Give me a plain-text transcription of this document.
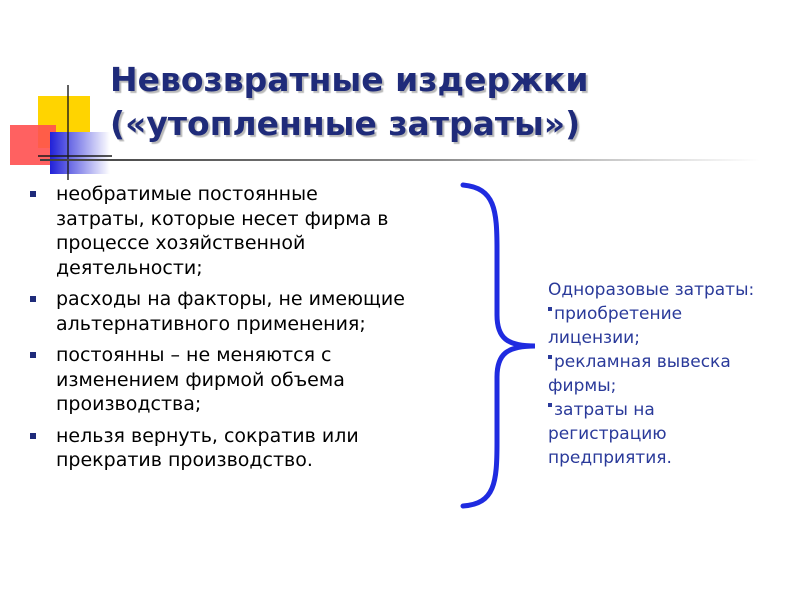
Невозвратные издержки
(«утопленные затраты»)
необратимые постоянные затраты, которые несет фирма в процессе хозяйственной деятельности;
расходы на факторы, не имеющие альтернативного применения;
постоянны – не меняются с изменением фирмой объема производства;
нельзя вернуть, сократив или прекратив производство.
Одноразовые затраты:
приобретение
лицензии;
рекламная вывеска
фирмы;
затраты на
регистрацию
предприятия.
